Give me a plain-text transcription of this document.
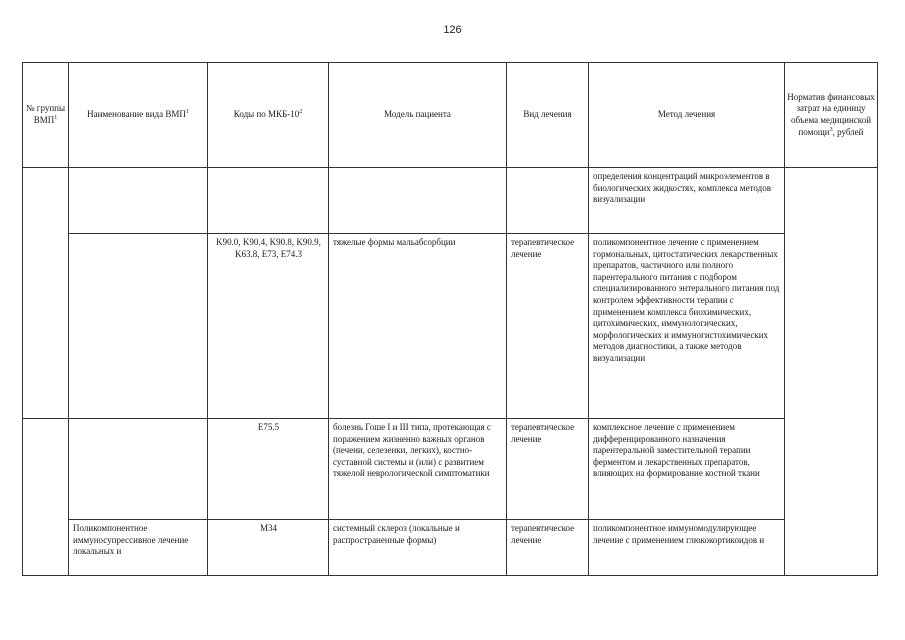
126
№ группы ВМП$^1$	Наименование вида ВМП$^1$	Коды по МКБ-$10^2$	Модель пациента	Вид лечения	Метод лечения	Норматив финансовых затрат на единицу объема медицинской помощи$^3$, рублей
					определения концентраций микроэлементов в биологических жидкостях, комплекса методов визуализации	
		K90.0, K90.4, K90.8, K90.9, K63.8, E73, E74.3	тяжелые формы мальабсорбции	терапевтическое лечение	поликомпонентное лечение с применением гормональных, цитостатических лекарственных препаратов, частичного или полного парентерального питания с подбором специализированного энтерального питания под контролем эффективности терапии с применением комплекса биохимических, цитохимических, иммунологических, морфологических и иммуногистохимических методов диагностики, а также методов визуализации	
		E75.5	болезнь Гоше I и III типа, протекающая с поражением жизненно важных органов (печени, селезенки, легких), костно-суставной системы и (или) с развитием тяжелой неврологической симптоматики	терапевтическое лечение	комплексное лечение с применением дифференцированного назначения парентеральной заместительной терапии ферментом и лекарственных препаратов, влияющих на формирование костной ткани	
	Поликомпонентное иммуносупрессивное лечение локальных и	M34	системный склероз (локальные и распространенные формы)	терапевтическое лечение	поликомпонентное иммуномодулирующее лечение с применением глюкокортикоидов и	
